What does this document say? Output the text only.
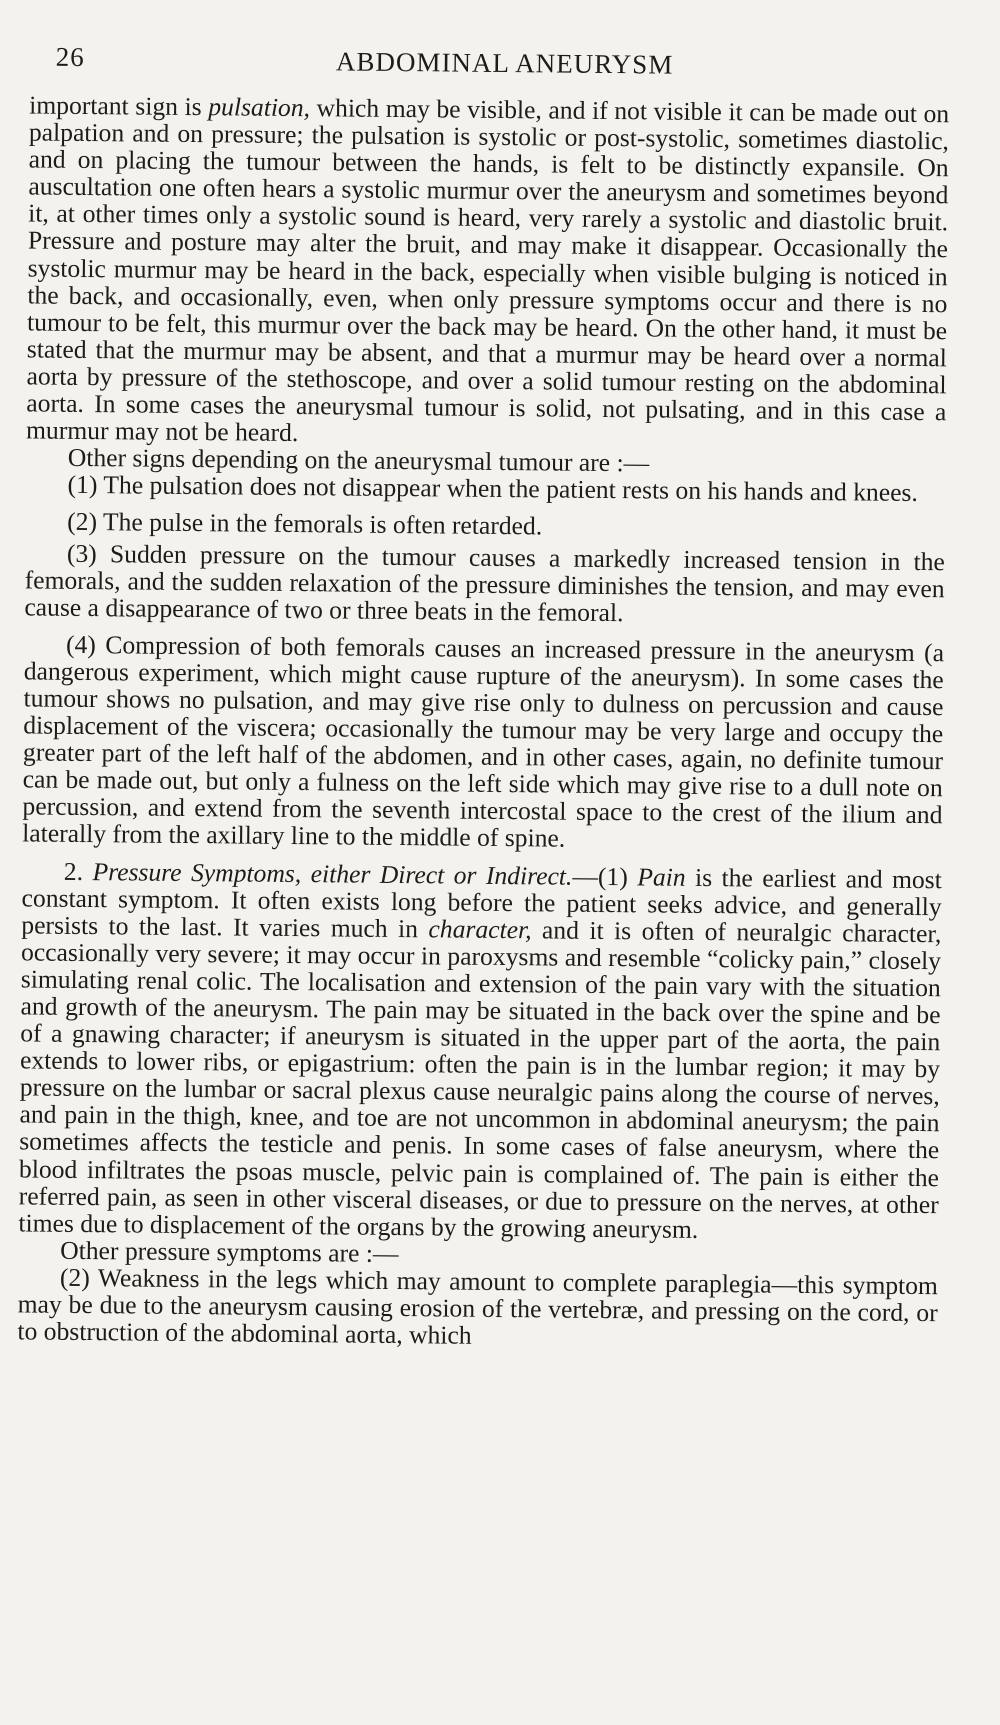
26	ABDOMINAL ANEURYSM

important sign is pulsation, which may be visible, and if not visible it can be made out on palpation and on pressure; the pulsation is systolic or post-systolic, sometimes diastolic, and on placing the tumour between the hands, is felt to be distinctly expansile. On auscultation one often hears a systolic murmur over the aneurysm and sometimes beyond it, at other times only a systolic sound is heard, very rarely a systolic and diastolic bruit. Pressure and posture may alter the bruit, and may make it disappear. Occasionally the systolic murmur may be heard in the back, especially when visible bulging is noticed in the back, and occasionally, even, when only pressure symptoms occur and there is no tumour to be felt, this murmur over the back may be heard. On the other hand, it must be stated that the murmur may be absent, and that a murmur may be heard over a normal aorta by pressure of the stethoscope, and over a solid tumour resting on the abdominal aorta. In some cases the aneurysmal tumour is solid, not pulsating, and in this case a murmur may not be heard.

Other signs depending on the aneurysmal tumour are :—

(1) The pulsation does not disappear when the patient rests on his hands and knees.

(2) The pulse in the femorals is often retarded.

(3) Sudden pressure on the tumour causes a markedly increased tension in the femorals, and the sudden relaxation of the pressure diminishes the tension, and may even cause a disappearance of two or three beats in the femoral.

(4) Compression of both femorals causes an increased pressure in the aneurysm (a dangerous experiment, which might cause rupture of the aneurysm). In some cases the tumour shows no pulsation, and may give rise only to dulness on percussion and cause displacement of the viscera; occasionally the tumour may be very large and occupy the greater part of the left half of the abdomen, and in other cases, again, no definite tumour can be made out, but only a fulness on the left side which may give rise to a dull note on percussion, and extend from the seventh intercostal space to the crest of the ilium and laterally from the axillary line to the middle of spine.

2. Pressure Symptoms, either Direct or Indirect.—(1) Pain is the earliest and most constant symptom. It often exists long before the patient seeks advice, and generally persists to the last. It varies much in character, and it is often of neuralgic character, occasionally very severe; it may occur in paroxysms and resemble “colicky pain,” closely simulating renal colic. The localisation and extension of the pain vary with the situation and growth of the aneurysm. The pain may be situated in the back over the spine and be of a gnawing character; if aneurysm is situated in the upper part of the aorta, the pain extends to lower ribs, or epigastrium: often the pain is in the lumbar region; it may by pressure on the lumbar or sacral plexus cause neuralgic pains along the course of nerves, and pain in the thigh, knee, and toe are not uncommon in abdominal aneurysm; the pain sometimes affects the testicle and penis. In some cases of false aneurysm, where the blood infiltrates the psoas muscle, pelvic pain is complained of. The pain is either the referred pain, as seen in other visceral diseases, or due to pressure on the nerves, at other times due to displacement of the organs by the growing aneurysm.

Other pressure symptoms are :—

(2) Weakness in the legs which may amount to complete paraplegia—this symptom may be due to the aneurysm causing erosion of the vertebræ, and pressing on the cord, or to obstruction of the abdominal aorta, which
